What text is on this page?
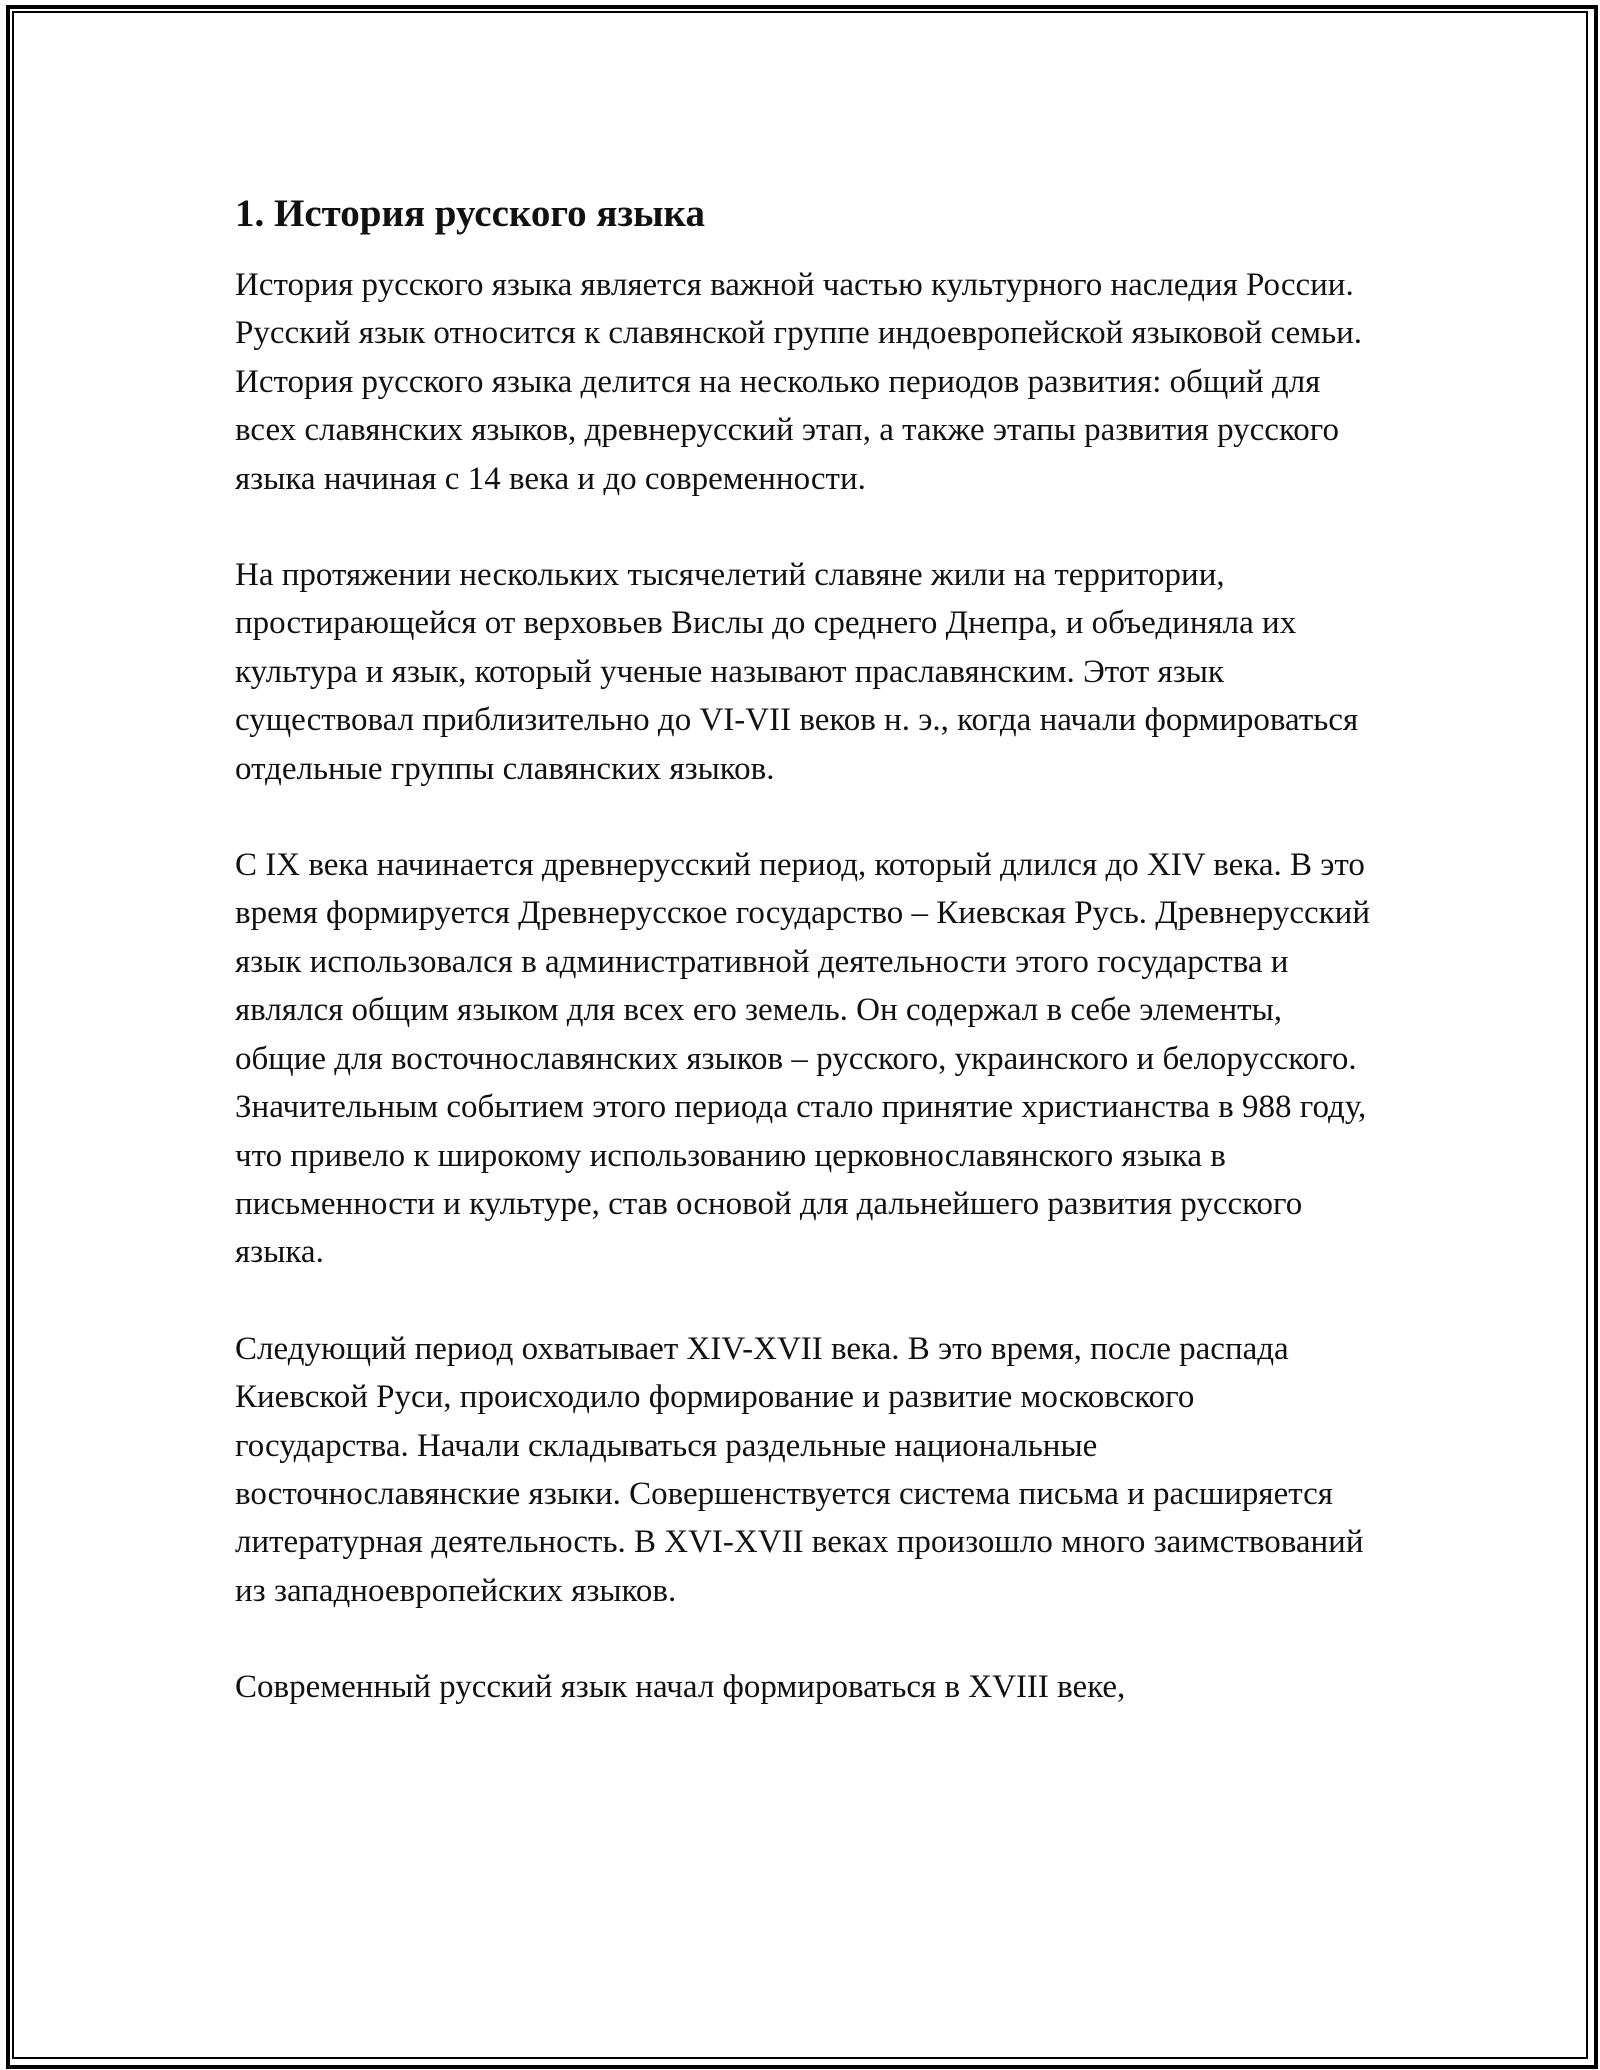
1. История русского языка

История русского языка является важной частью культурного наследия России. Русский язык относится к славянской группе индоевропейской языковой семьи. История русского языка делится на несколько периодов развития: общий для всех славянских языков, древнерусский этап, а также этапы развития русского языка начиная с 14 века и до современности.

На протяжении нескольких тысячелетий славяне жили на территории, простирающейся от верховьев Вислы до среднего Днепра, и объединяла их культура и язык, который ученые называют праславянским. Этот язык существовал приблизительно до VI-VII веков н. э., когда начали формироваться отдельные группы славянских языков.

С IX века начинается древнерусский период, который длился до XIV века. В это время формируется Древнерусское государство – Киевская Русь. Древнерусский язык использовался в административной деятельности этого государства и являлся общим языком для всех его земель. Он содержал в себе элементы, общие для восточнославянских языков – русского, украинского и белорусского. Значительным событием этого периода стало принятие христианства в 988 году, что привело к широкому использованию церковнославянского языка в письменности и культуре, став основой для дальнейшего развития русского языка.

Следующий период охватывает XIV-XVII века. В это время, после распада Киевской Руси, происходило формирование и развитие московского государства. Начали складываться раздельные национальные восточнославянские языки. Совершенствуется система письма и расширяется литературная деятельность. В XVI-XVII веках произошло много заимствований из западноевропейских языков.

Современный русский язык начал формироваться в XVIII веке,
